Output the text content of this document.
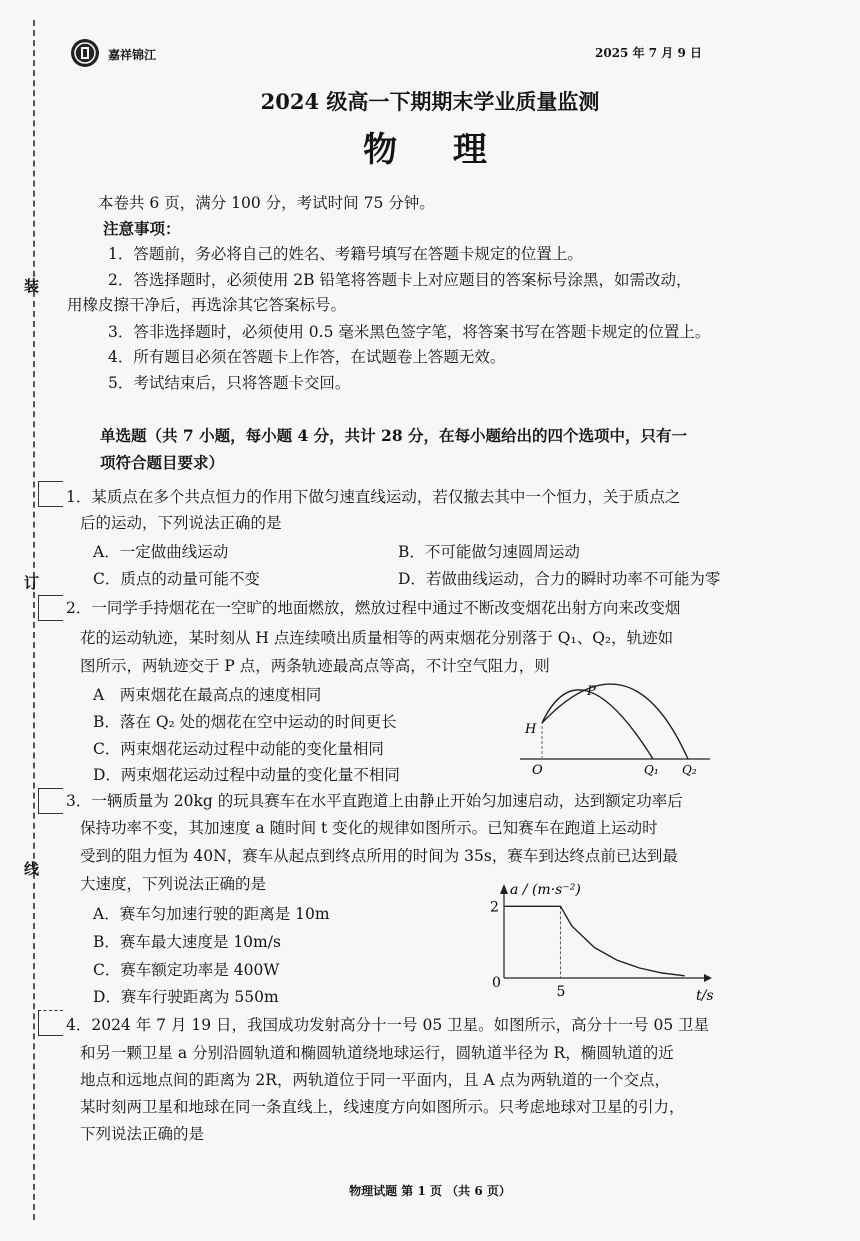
装
订
线
嘉祥锦江	2025 年 7 月 9 日
2024 级高一下期期末学业质量监测
物 理
本卷共 6 页，满分 100 分，考试时间 75 分钟。
注意事项：
1．答题前，务必将自己的姓名、考籍号填写在答题卡规定的位置上。
2．答选择题时，必须使用 2B 铅笔将答题卡上对应题目的答案标号涂黑，如需改动，
用橡皮擦干净后，再选涂其它答案标号。
3．答非选择题时，必须使用 0.5 毫米黑色签字笔，将答案书写在答题卡规定的位置上。
4．所有题目必须在答题卡上作答，在试题卷上答题无效。
5．考试结束后，只将答题卡交回。
单选题（共 7 小题，每小题 4 分，共计 28 分，在每小题给出的四个选项中，只有一
项符合题目要求）
1．某质点在多个共点恒力的作用下做匀速直线运动，若仅撤去其中一个恒力，关于质点之
后的运动，下列说法正确的是
A．一定做曲线运动	B．不可能做匀速圆周运动
C．质点的动量可能不变	D．若做曲线运动，合力的瞬时功率不可能为零
2．一同学手持烟花在一空旷的地面燃放，燃放过程中通过不断改变烟花出射方向来改变烟
花的运动轨迹，某时刻从 H 点连续喷出质量相等的两束烟花分别落于 Q₁、Q₂，轨迹如
图所示，两轨迹交于 P 点，两条轨迹最高点等高，不计空气阻力，则
A　两束烟花在最高点的速度相同
B．落在 Q₂ 处的烟花在空中运动的时间更长
C．两束烟花运动过程中动能的变化量相同
D．两束烟花运动过程中动量的变化量不相同
H
P
O	Q₁ Q₂
3．一辆质量为 20kg 的玩具赛车在水平直跑道上由静止开始匀加速启动，达到额定功率后
保持功率不变，其加速度 a 随时间 t 变化的规律如图所示。已知赛车在跑道上运动时
受到的阻力恒为 40N，赛车从起点到终点所用的时间为 35s，赛车到达终点前已达到最
大速度，下列说法正确的是
A．赛车匀加速行驶的距离是 10m
B．赛车最大速度是 10m/s
C．赛车额定功率是 400W
D．赛车行驶距离为 550m
a / (m·s⁻²)
t/s
0
5
2
4．2024 年 7 月 19 日，我国成功发射高分十一号 05 卫星。如图所示，高分十一号 05 卫星
和另一颗卫星 a 分别沿圆轨道和椭圆轨道绕地球运行，圆轨道半径为 R，椭圆轨道的近
地点和远地点间的距离为 2R，两轨道位于同一平面内，且 A 点为两轨道的一个交点，
某时刻两卫星和地球在同一条直线上，线速度方向如图所示。只考虑地球对卫星的引力，
下列说法正确的是
物理试题 第 1 页 （共 6 页）
